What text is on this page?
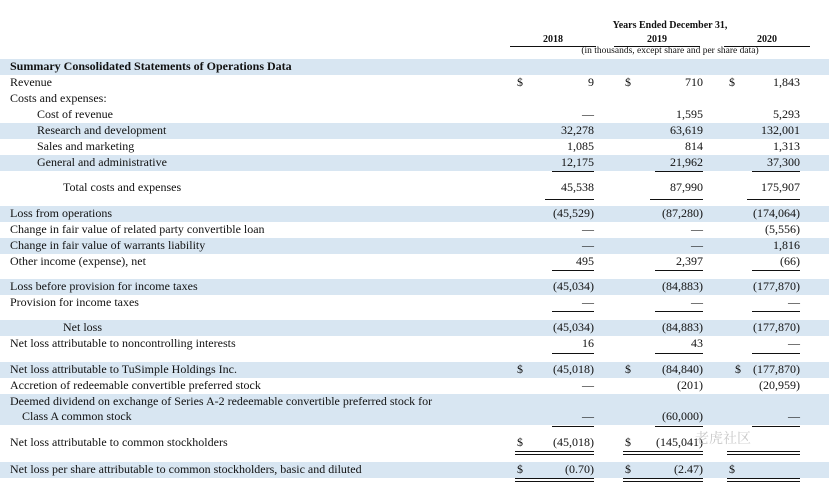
Years Ended December 31,
2018	2019	2020
(in thousands, except share and per share data)
Summary Consolidated Statements of Operations Data
Revenue	$	9	$	710 $	1,843
Costs and expenses:
Cost of revenue	—	1,595	5,293
Research and development	32,278	63,619	132,001
Sales and marketing	1,085	814	1,313
General and administrative	12,175	21,962	37,300
Total costs and expenses	45,538	87,990	175,907
Loss from operations	(45,529)	(87,280)	(174,064)
Change in fair value of related party convertible loan	—	—	(5,556)
Change in fair value of warrants liability	—	—	1,816
Other income (expense), net	495	2,397	(66)
Loss before provision for income taxes	(45,034)	(84,883)	(177,870)
Provision for income taxes	—	—	—
Net loss	(45,034)	(84,883)	(177,870)
Net loss attributable to noncontrolling interests	16	43	—
Net loss attributable to TuSimple Holdings Inc.	$	(45,018)	$	(84,840)	$	(177,870)
Accretion of redeemable convertible preferred stock	—	(201)	(20,959)
Deemed dividend on exchange of Series A-2 redeemable convertible preferred stock for
Class A common stock	—	(60,000)	—
Net loss attributable to common stockholders	$	(45,018)	$	(145,041)
Net loss per share attributable to common stockholders, basic and diluted	$	(0.70)	$	(2.47) $
老虎社区
